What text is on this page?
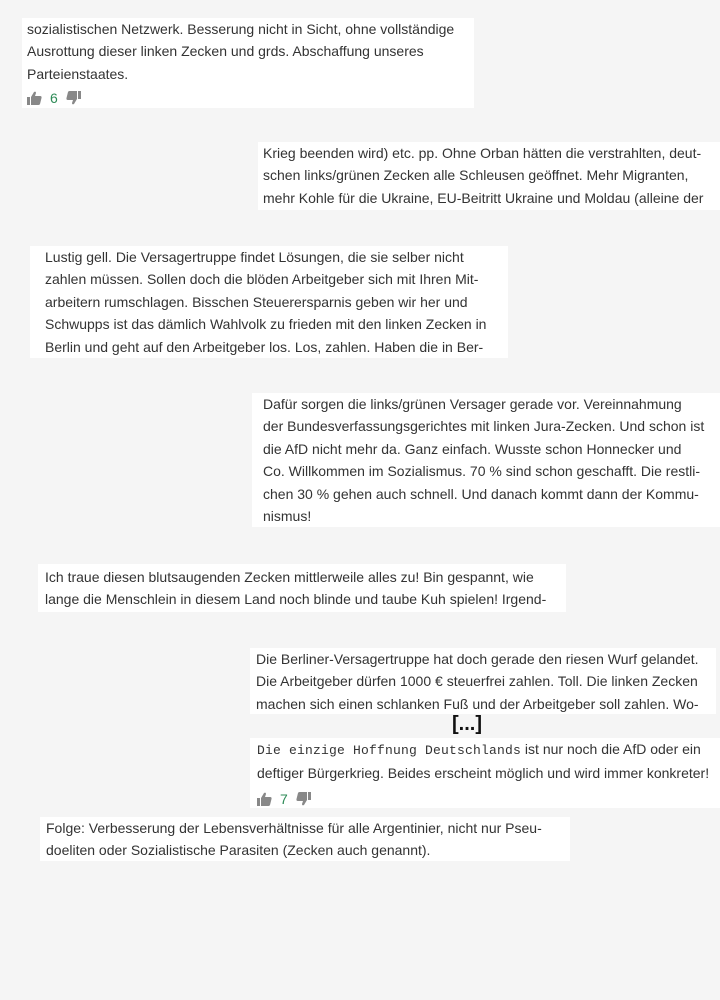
sozialistischen Netzwerk. Besserung nicht in Sicht, ohne vollständige

Ausrottung dieser linken Zecken und grds. Abschaffung unseres

Parteienstaates.

6

Krieg beenden wird) etc. pp. Ohne Orban hätten die verstrahlten, deut-

schen links/grünen Zecken alle Schleusen geöffnet. Mehr Migranten,

mehr Kohle für die Ukraine, EU-Beitritt Ukraine und Moldau (alleine der

Lustig gell. Die Versagertruppe findet Lösungen, die sie selber nicht

zahlen müssen. Sollen doch die blöden Arbeitgeber sich mit Ihren Mit-

arbeitern rumschlagen. Bisschen Steuerersparnis geben wir her und

Schwupps ist das dämlich Wahlvolk zu frieden mit den linken Zecken in

Berlin und geht auf den Arbeitgeber los. Los, zahlen. Haben die in Ber-

Dafür sorgen die links/grünen Versager gerade vor. Vereinnahmung

der Bundesverfassungsgerichtes mit linken Jura-Zecken. Und schon ist

die AfD nicht mehr da. Ganz einfach. Wusste schon Honnecker und

Co. Willkommen im Sozialismus. 70 % sind schon geschafft. Die restli-

chen 30 % gehen auch schnell. Und danach kommt dann der Kommu-

nismus!

Ich traue diesen blutsaugenden Zecken mittlerweile alles zu! Bin gespannt, wie

lange die Menschlein in diesem Land noch blinde und taube Kuh spielen! Irgend-

Die Berliner-Versagertruppe hat doch gerade den riesen Wurf gelandet.

Die Arbeitgeber dürfen 1000 € steuerfrei zahlen. Toll. Die linken Zecken

machen sich einen schlanken Fuß und der Arbeitgeber soll zahlen. Wo-

[...]

Die einzige Hoffnung Deutschlands ist nur noch die AfD oder ein

deftiger Bürgerkrieg. Beides erscheint möglich und wird immer konkreter!

7

Folge: Verbesserung der Lebensverhältnisse für alle Argentinier, nicht nur Pseu-

doeliten oder Sozialistische Parasiten (Zecken auch genannt).
